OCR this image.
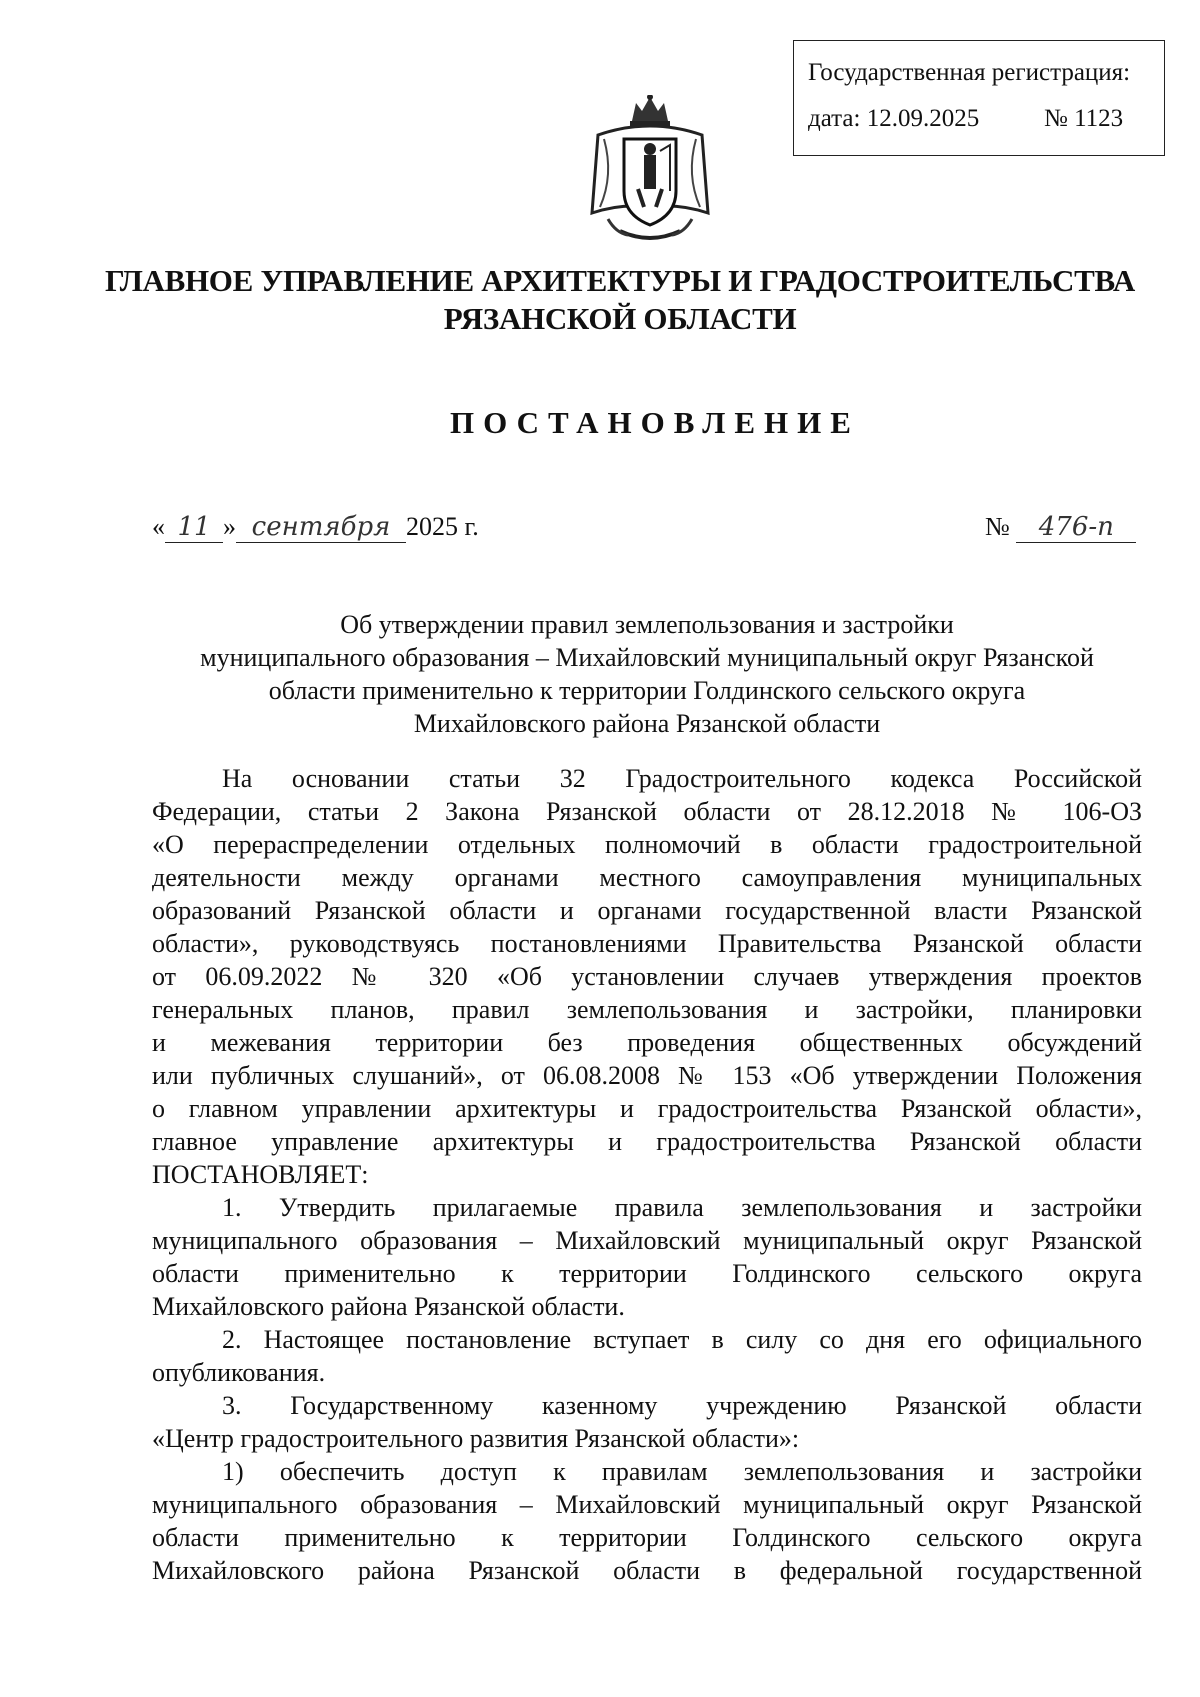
Государственная регистрация:
дата: 12.09.2025	№ 1123
ГЛАВНОЕ УПРАВЛЕНИЕ АРХИТЕКТУРЫ И ГРАДОСТРОИТЕЛЬСТВА
РЯЗАНСКОЙ ОБЛАСТИ
ПОСТАНОВЛЕНИЕ
« 11 » сентября 2025 г.	№ 476-п
Об утверждении правил землепользования и застройки
муниципального образования – Михайловский муниципальный округ Рязанской
области применительно к территории Голдинского сельского округа
Михайловского района Рязанской области
На основании статьи 32 Градостроительного кодекса Российской
Федерации, статьи 2 Закона Рязанской области от 28.12.2018 № 106-ОЗ
«О перераспределении отдельных полномочий в области градостроительной
деятельности между органами местного самоуправления муниципальных
образований Рязанской области и органами государственной власти Рязанской
области», руководствуясь постановлениями Правительства Рязанской области
от 06.09.2022 № 320 «Об установлении случаев утверждения проектов
генеральных планов, правил землепользования и застройки, планировки
и межевания территории без проведения общественных обсуждений
или публичных слушаний», от 06.08.2008 № 153 «Об утверждении Положения
о главном управлении архитектуры и градостроительства Рязанской области»,
главное управление архитектуры и градостроительства Рязанской области
ПОСТАНОВЛЯЕТ:
1. Утвердить прилагаемые правила землепользования и застройки
муниципального образования – Михайловский муниципальный округ Рязанской
области применительно к территории Голдинского сельского округа
Михайловского района Рязанской области.
2. Настоящее постановление вступает в силу со дня его официального
опубликования.
3. Государственному казенному учреждению Рязанской области
«Центр градостроительного развития Рязанской области»:
1) обеспечить доступ к правилам землепользования и застройки
муниципального образования – Михайловский муниципальный округ Рязанской
области применительно к территории Голдинского сельского округа
Михайловского района Рязанской области в федеральной государственной
